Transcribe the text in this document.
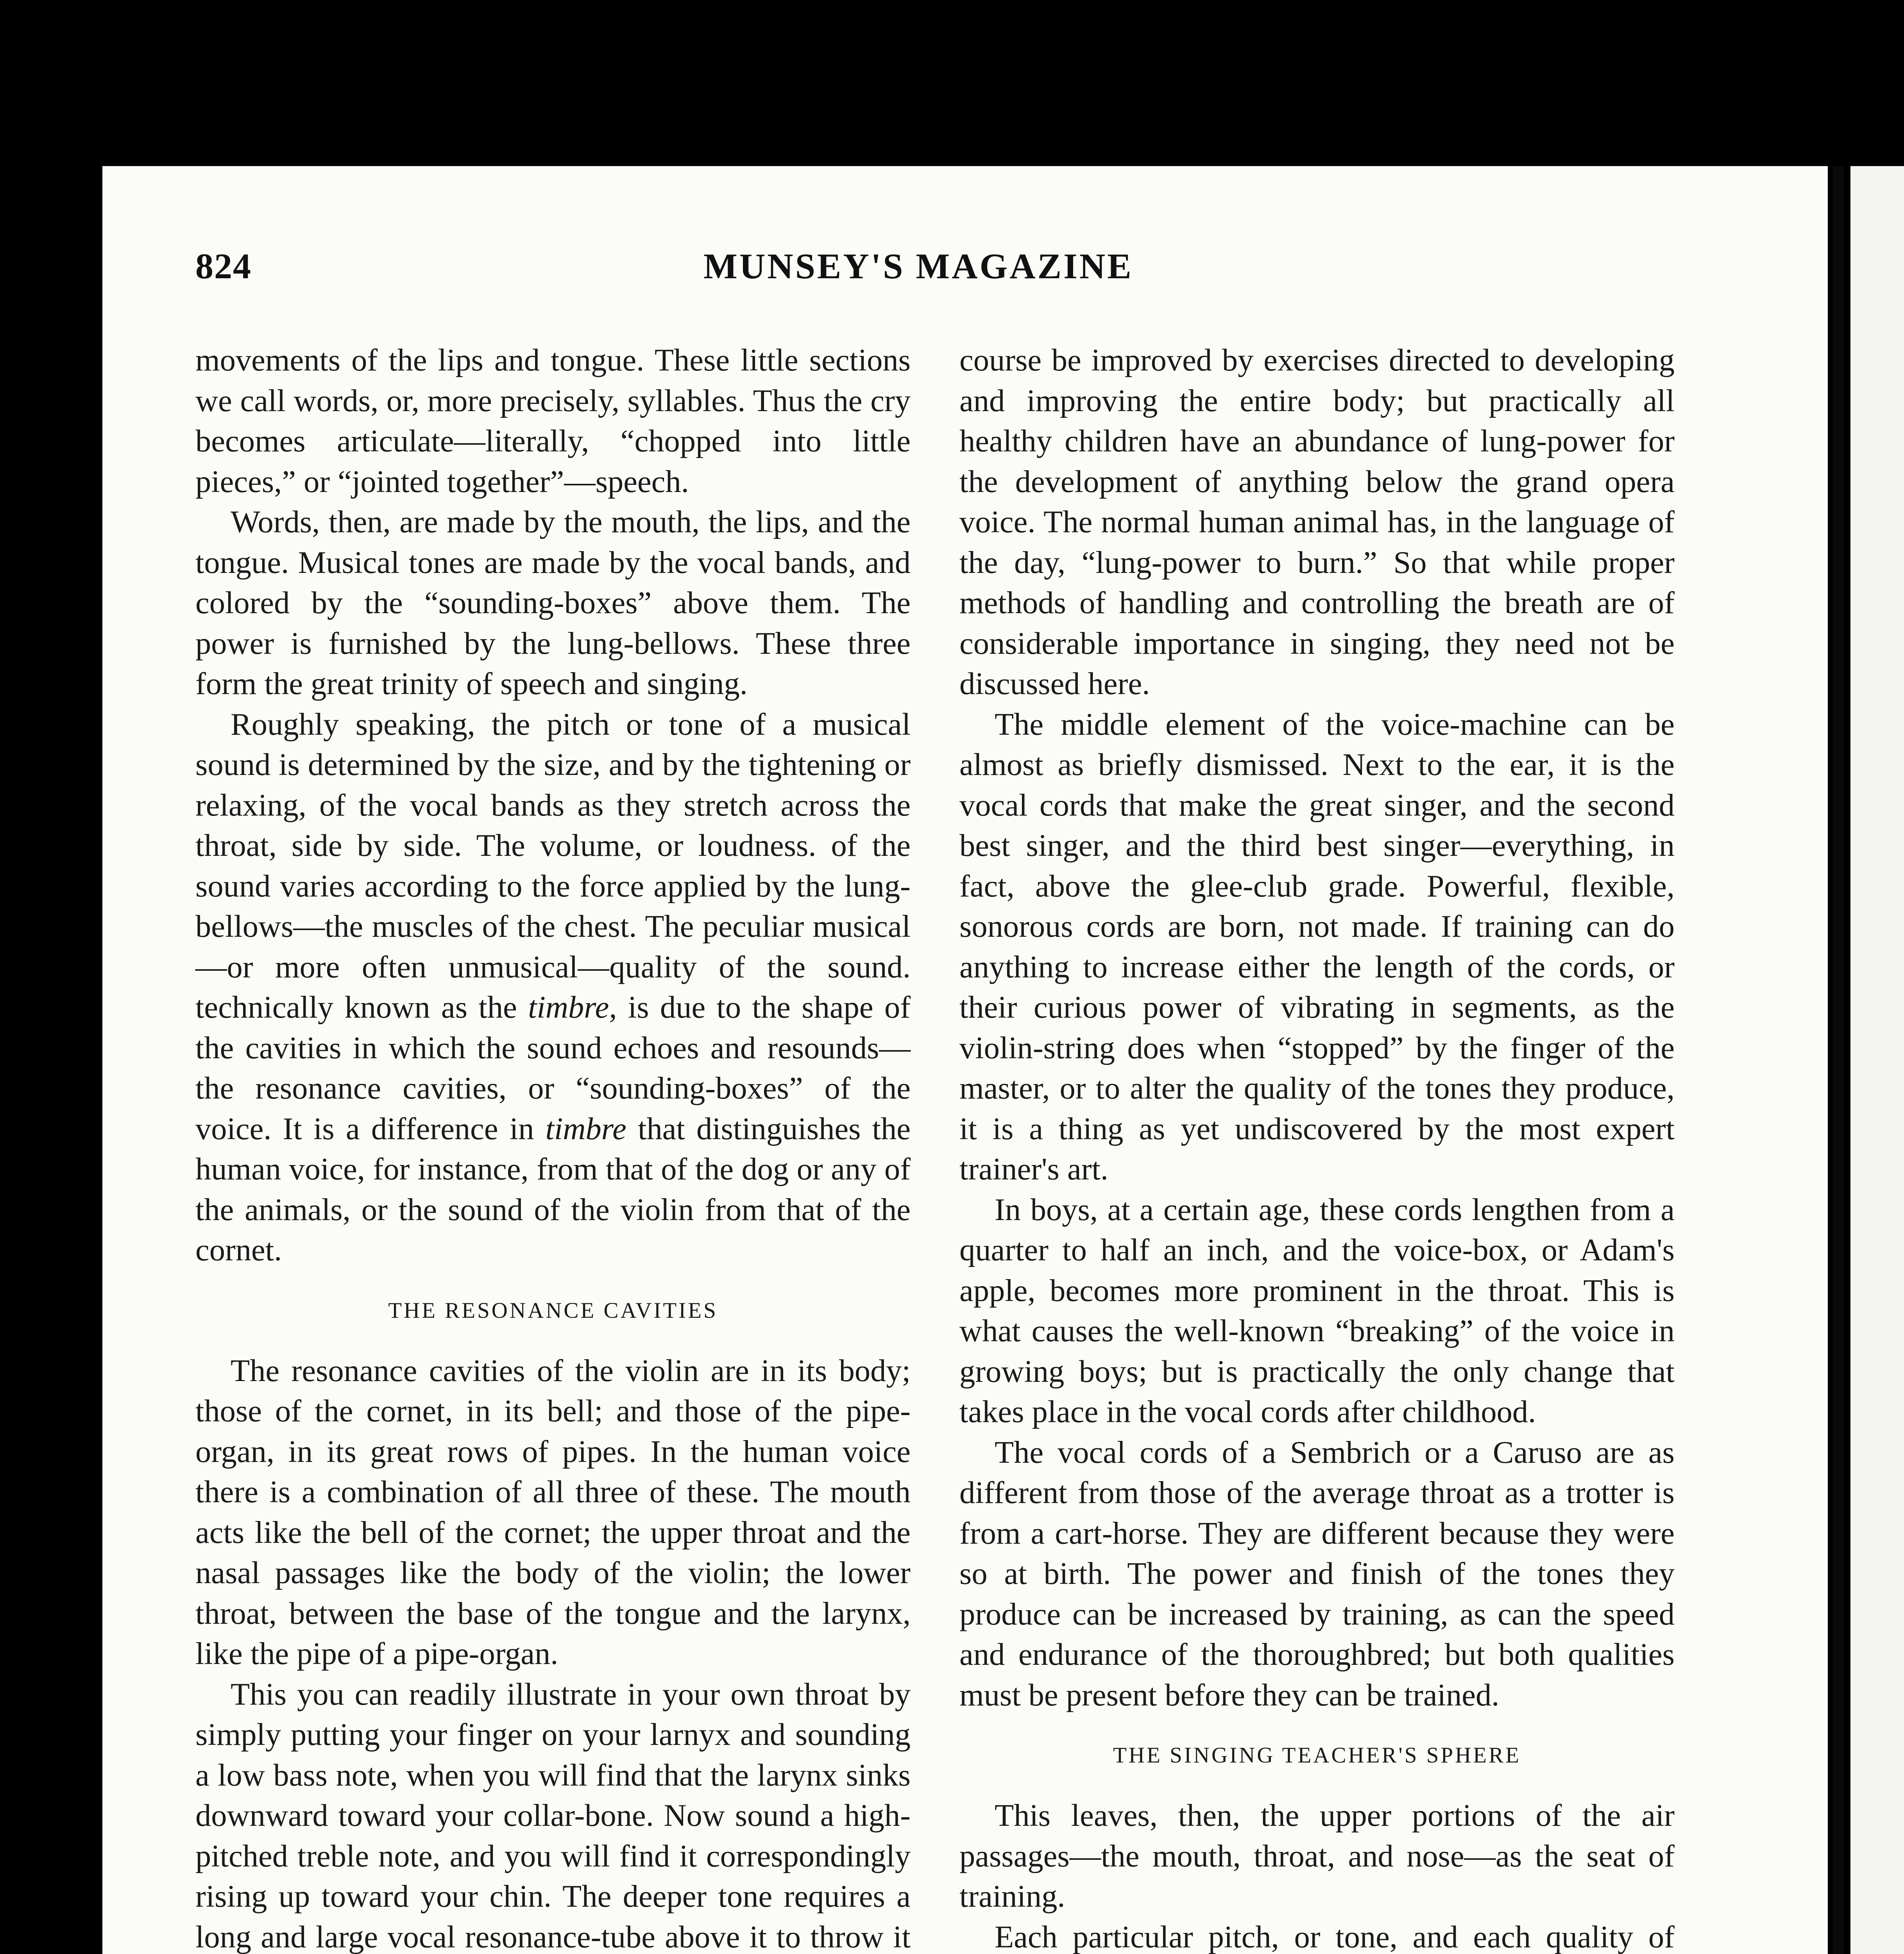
824	MUNSEY'S MAGAZINE

movements of the lips and tongue. These little sections we call words, or, more precisely, syllables. Thus the cry becomes articulate—literally, “chopped into little pieces,” or “jointed together”—speech.

Words, then, are made by the mouth, the lips, and the tongue. Musical tones are made by the vocal bands, and colored by the “sounding-boxes” above them. The power is furnished by the lung-bellows. These three form the great trinity of speech and singing.

Roughly speaking, the pitch or tone of a musical sound is determined by the size, and by the tightening or relaxing, of the vocal bands as they stretch across the throat, side by side. The volume, or loudness. of the sound varies according to the force applied by the lung-bellows—the muscles of the chest. The peculiar musical—or more often unmusical—quality of the sound. technically known as the timbre, is due to the shape of the cavities in which the sound echoes and resounds—the resonance cavities, or “sounding-boxes” of the voice. It is a difference in timbre that distinguishes the human voice, for instance, from that of the dog or any of the animals, or the sound of the violin from that of the cornet.

THE RESONANCE CAVITIES

The resonance cavities of the violin are in its body; those of the cornet, in its bell; and those of the pipe-organ, in its great rows of pipes. In the human voice there is a combination of all three of these. The mouth acts like the bell of the cornet; the upper throat and the nasal passages like the body of the violin; the lower throat, between the base of the tongue and the larynx, like the pipe of a pipe-organ.

This you can readily illustrate in your own throat by simply putting your finger on your larnyx and sounding a low bass note, when you will find that the larynx sinks downward toward your collar-bone. Now sound a high-pitched treble note, and you will find it correspondingly rising up toward your chin. The deeper tone requires a long and large vocal resonance-tube above it to throw it

course be improved by exercises directed to developing and improving the entire body; but practically all healthy children have an abundance of lung-power for the development of anything below the grand opera voice. The normal human animal has, in the language of the day, “lung-power to burn.” So that while proper methods of handling and controlling the breath are of considerable importance in singing, they need not be discussed here.

The middle element of the voice-machine can be almost as briefly dismissed. Next to the ear, it is the vocal cords that make the great singer, and the second best singer, and the third best singer—everything, in fact, above the glee-club grade. Powerful, flexible, sonorous cords are born, not made. If training can do anything to increase either the length of the cords, or their curious power of vibrating in segments, as the violin-string does when “stopped” by the finger of the master, or to alter the quality of the tones they produce, it is a thing as yet undiscovered by the most expert trainer's art.

In boys, at a certain age, these cords lengthen from a quarter to half an inch, and the voice-box, or Adam's apple, becomes more prominent in the throat. This is what causes the well-known “breaking” of the voice in growing boys; but is practically the only change that takes place in the vocal cords after childhood.

The vocal cords of a Sembrich or a Caruso are as different from those of the average throat as a trotter is from a cart-horse. They are different because they were so at birth. The power and finish of the tones they produce can be increased by training, as can the speed and endurance of the thoroughbred; but both qualities must be present before they can be trained.

THE SINGING TEACHER'S SPHERE

This leaves, then, the upper portions of the air passages—the mouth, throat, and nose—as the seat of training.

Each particular pitch, or tone, and each quality of
